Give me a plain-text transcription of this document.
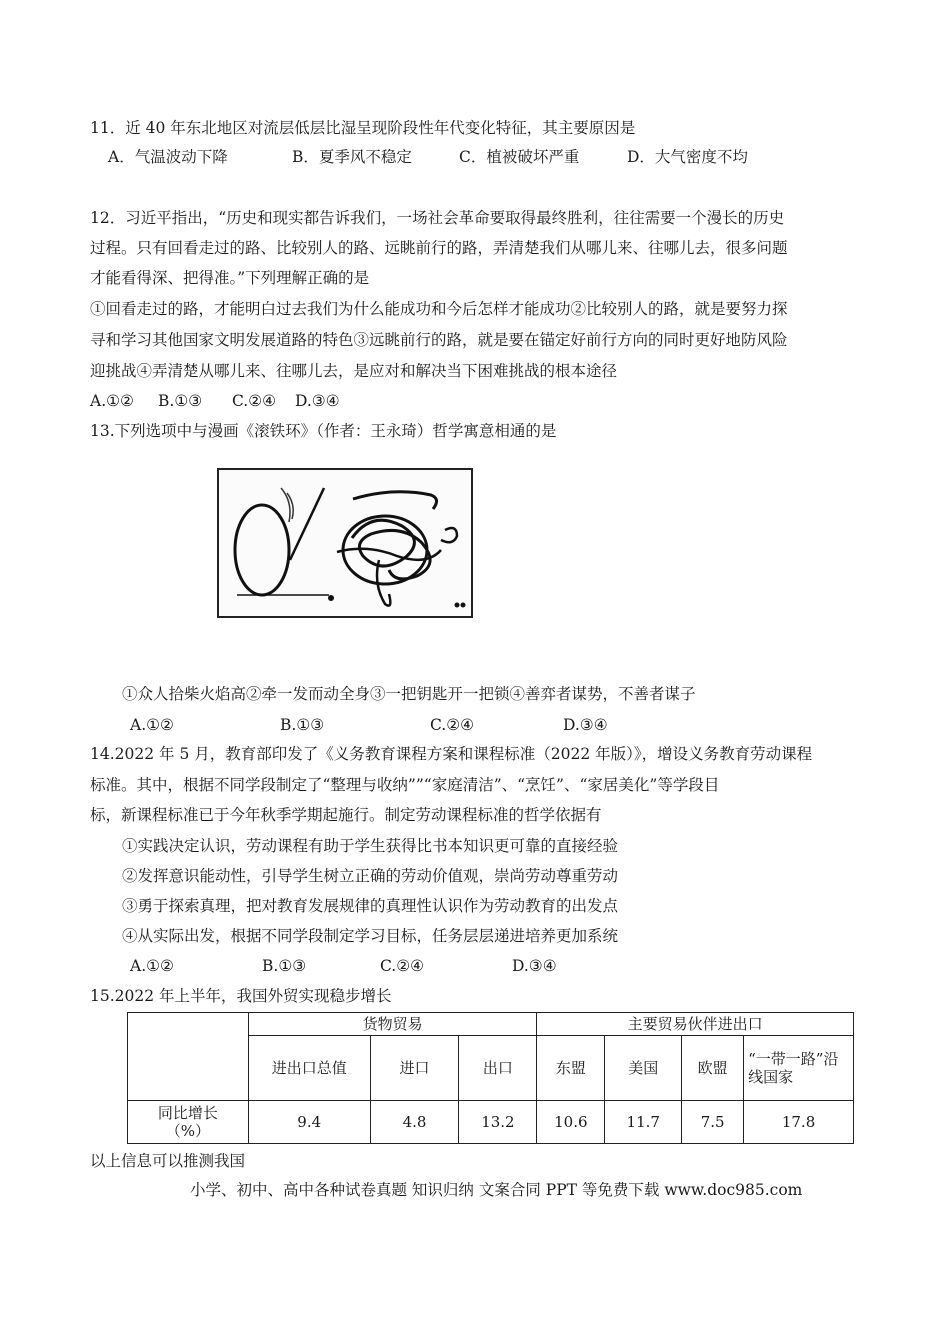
11．近 40 年东北地区对流层低层比湿呈现阶段性年代变化特征，其主要原因是
A．气温波动下降	B．夏季风不稳定	C．植被破坏严重	D．大气密度不均
12．习近平指出，“历史和现实都告诉我们，一场社会革命要取得最终胜利，往往需要一个漫长的历史
过程。只有回看走过的路、比较别人的路、远眺前行的路，弄清楚我们从哪儿来、往哪儿去，很多问题
才能看得深、把得准。”下列理解正确的是
①回看走过的路，才能明白过去我们为什么能成功和今后怎样才能成功②比较别人的路，就是要努力探
寻和学习其他国家文明发展道路的特色③远眺前行的路，就是要在锚定好前行方向的同时更好地防风险
迎挑战④弄清楚从哪儿来、往哪儿去，是应对和解决当下困难挑战的根本途径
A.①② B.①③ C.②④ D.③④
13.下列选项中与漫画《滚铁环》（作者：王永琦）哲学寓意相通的是
①众人拾柴火焰高②牵一发而动全身③一把钥匙开一把锁④善弈者谋势，不善者谋子
A.①②	B.①③	C.②④	D.③④
14.2022 年 5 月，教育部印发了《义务教育课程方案和课程标准（2022 年版）》，增设义务教育劳动课程
标准。其中，根据不同学段制定了“整理与收纳””“家庭清洁”、“烹饪”、“家居美化”等学段目
标，新课程标准已于今年秋季学期起施行。制定劳动课程标准的哲学依据有
①实践决定认识，劳动课程有助于学生获得比书本知识更可靠的直接经验
②发挥意识能动性，引导学生树立正确的劳动价值观，崇尚劳动尊重劳动
③勇于探索真理，把对教育发展规律的真理性认识作为劳动教育的出发点
④从实际出发，根据不同学段制定学习目标，任务层层递进培养更加系统
A.①②	B.①③	C.②④	D.③④
15.2022 年上半年，我国外贸实现稳步增长
	货物贸易			主要贸易伙伴进出口			
	进出口总值	进口	出口	东盟	美国	欧盟	“一带一路”沿线国家

同比增长
（%）	9.4	4.8	13.2	10.6	11.7	7.5	17.8
以上信息可以推测我国
小学、初中、高中各种试卷真题 知识归纳 文案合同 PPT 等免费下载 www.doc985.com
